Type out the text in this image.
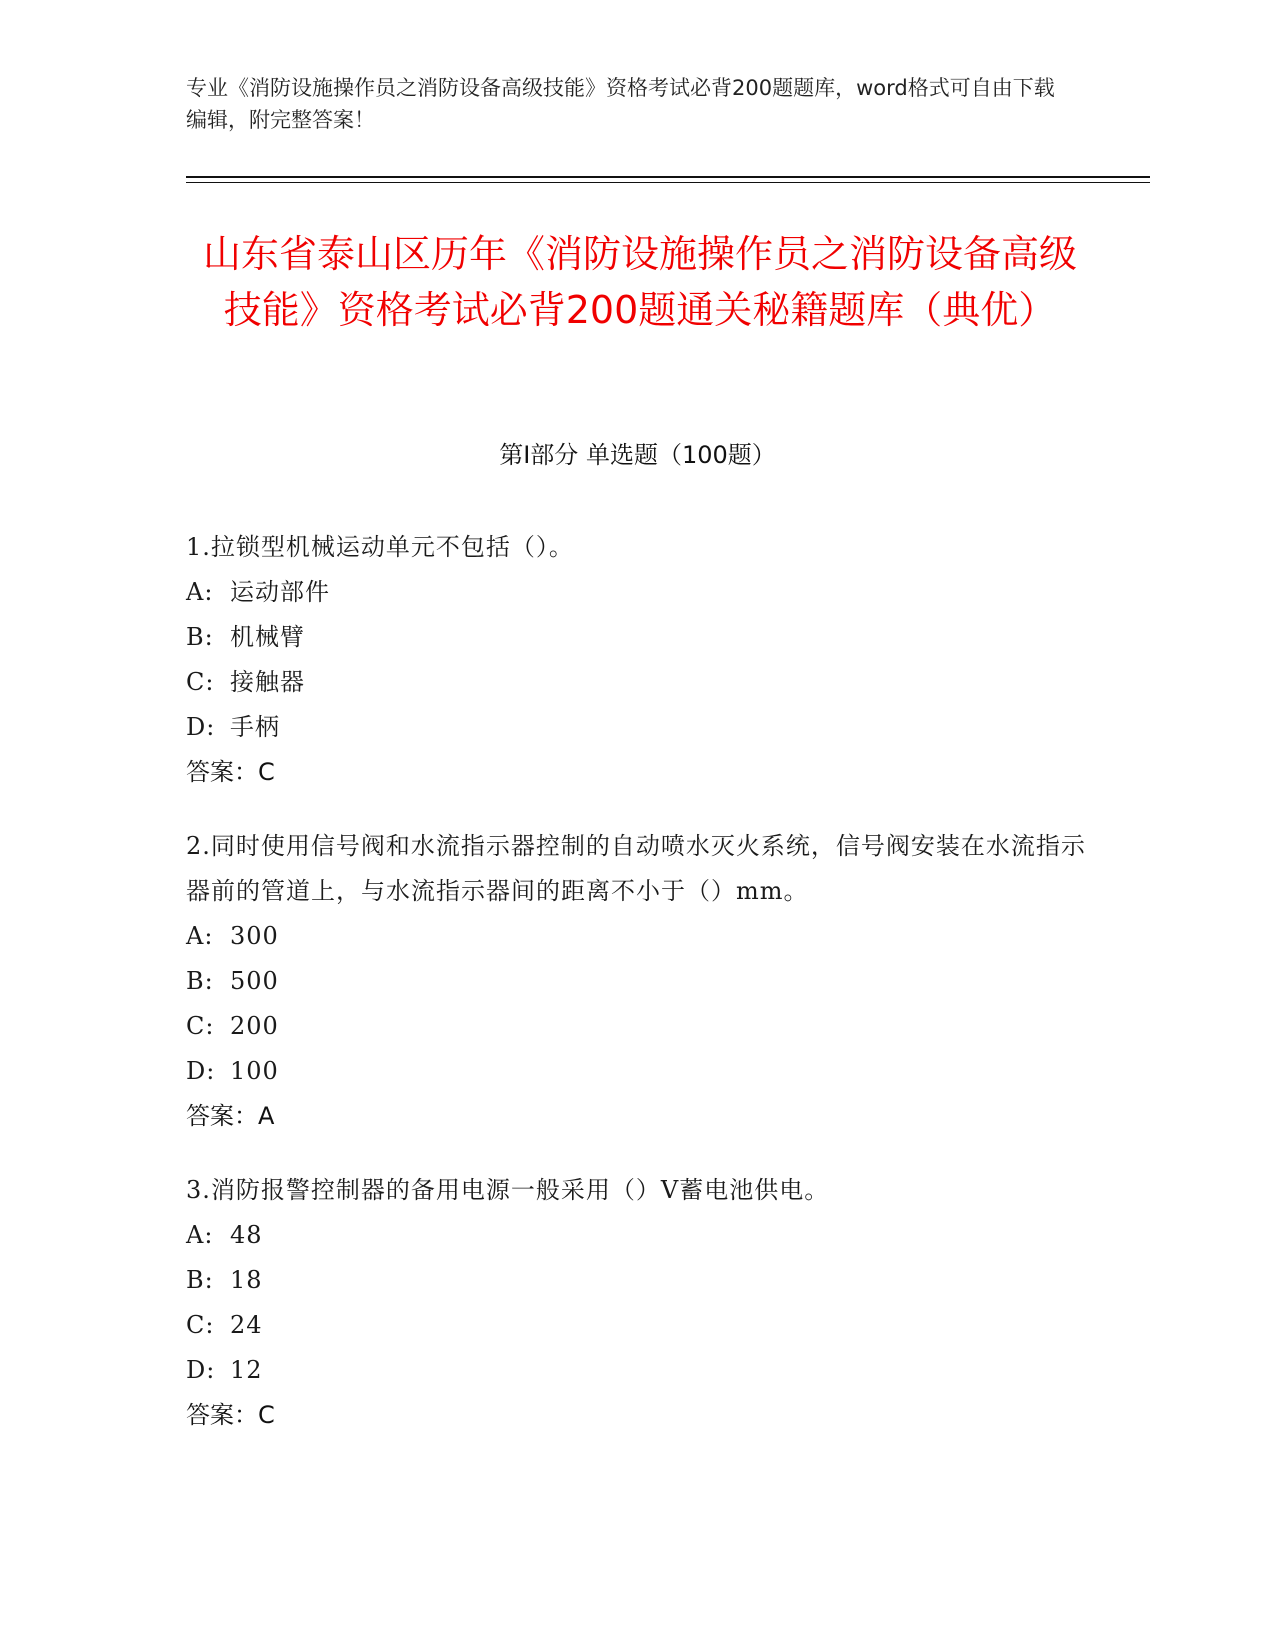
专业《消防设施操作员之消防设备高级技能》资格考试必背200题题库，word格式可自由下载编辑，附完整答案！
山东省泰山区历年《消防设施操作员之消防设备高级技能》资格考试必背200题通关秘籍题库（典优）
第Ⅰ部分 单选题（100题）

1.拉锁型机械运动单元不包括（）。

A: 运动部件

B: 机械臂

C: 接触器

D: 手柄

答案：C

2.同时使用信号阀和水流指示器控制的自动喷水灭火系统，信号阀安装在水流指示器前的管道上，与水流指示器间的距离不小于（）mm。

A: 300

B: 500

C: 200

D: 100

答案：A

3.消防报警控制器的备用电源一般采用（）V蓄电池供电。

A: 48

B: 18

C: 24

D: 12

答案：C
